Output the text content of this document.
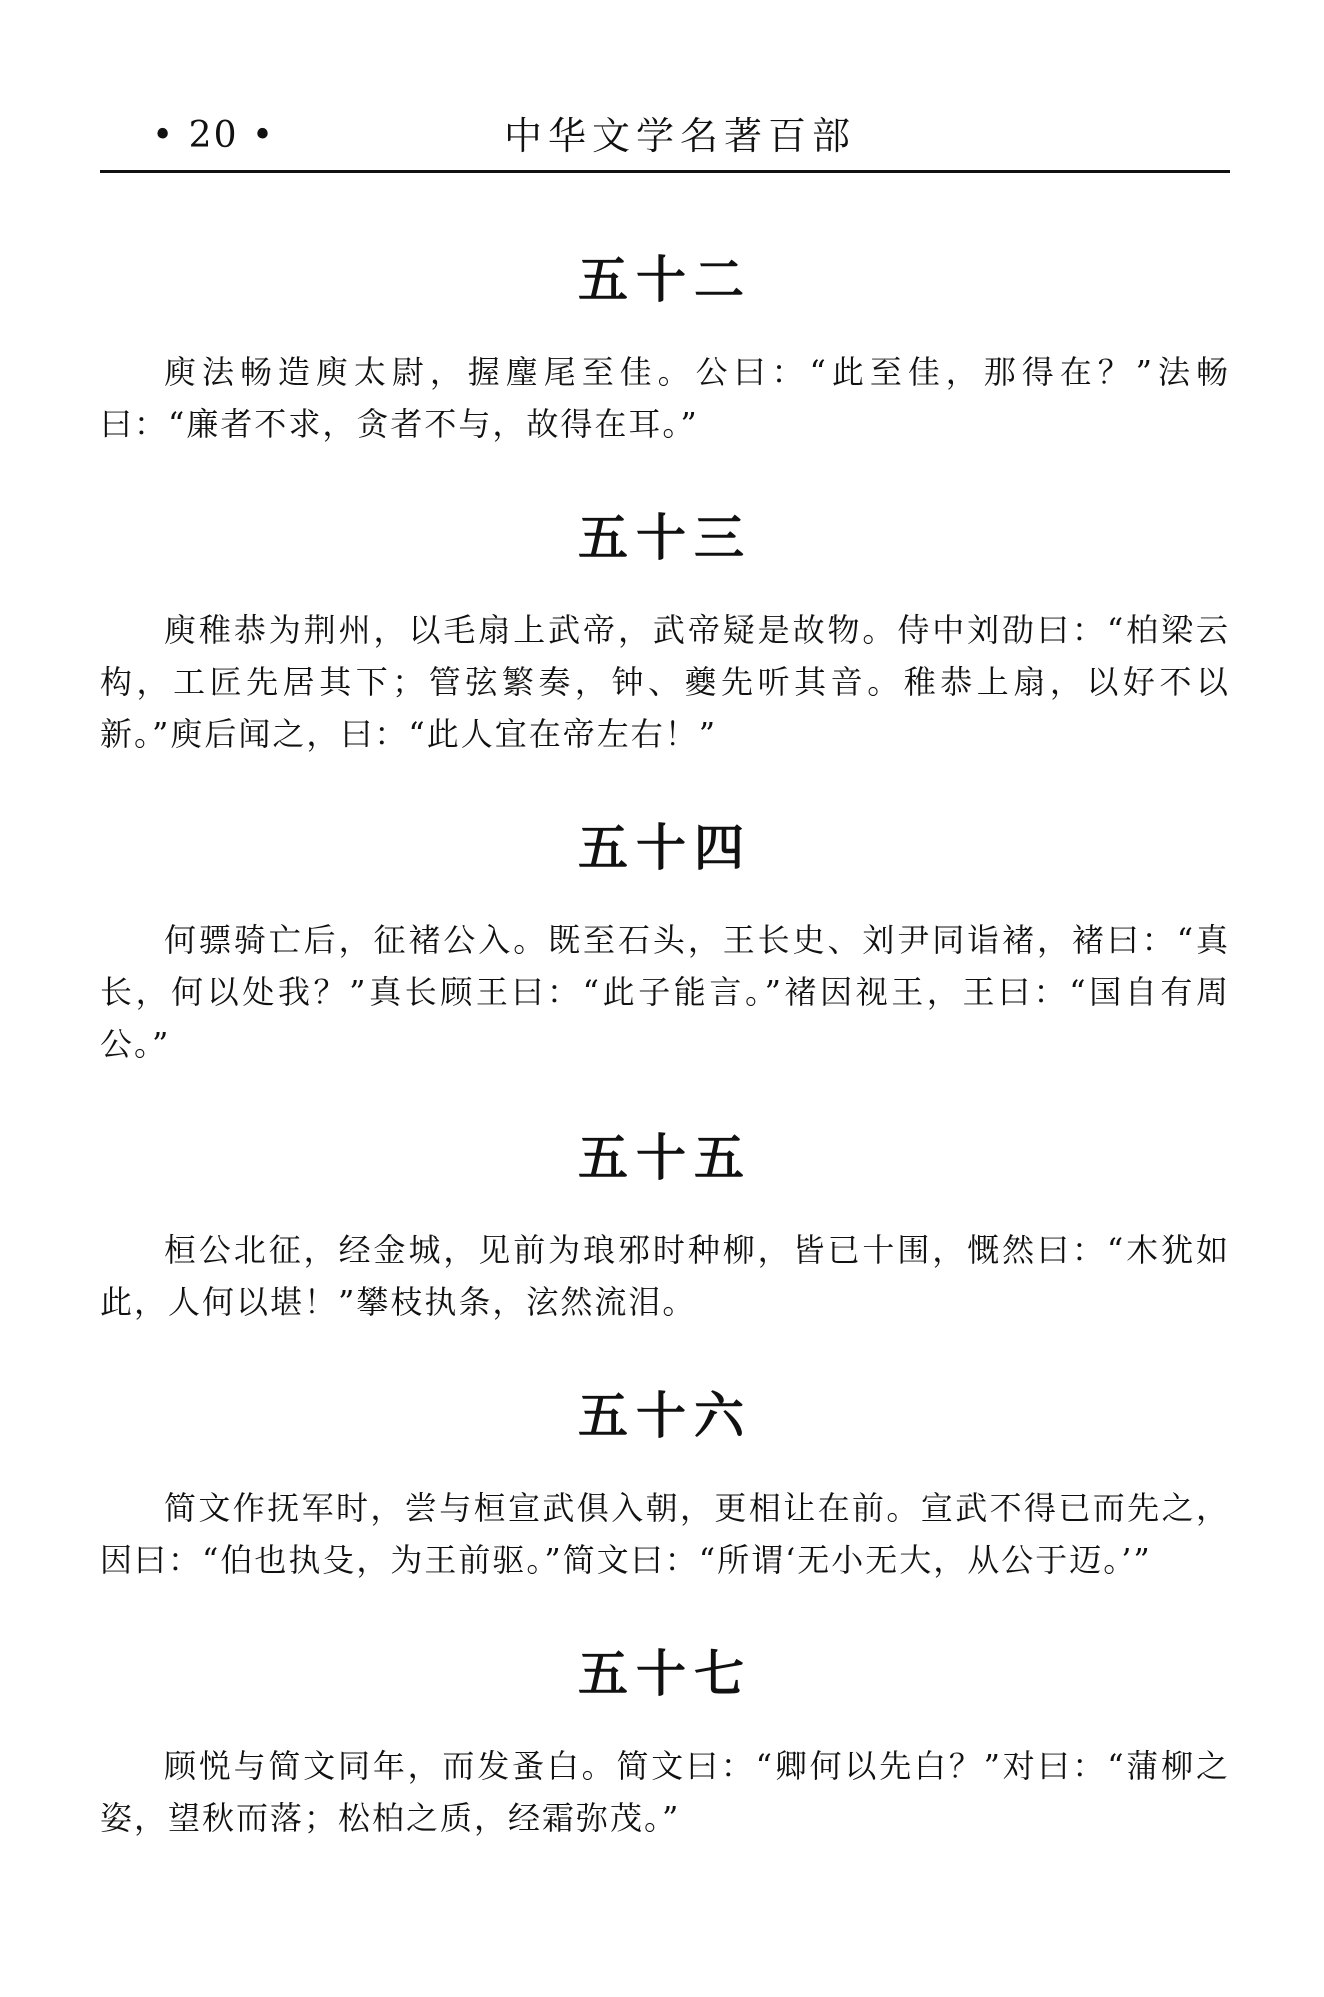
• 20 •	中华文学名著百部
五十二

庾法畅造庾太尉，握麈尾至佳。公曰：“此至佳，那得在？”法畅曰：“廉者不求，贪者不与，故得在耳。”

五十三

庾稚恭为荆州，以毛扇上武帝，武帝疑是故物。侍中刘劭曰：“柏梁云构，工匠先居其下；管弦繁奏，钟、夔先听其音。稚恭上扇，以好不以新。”庾后闻之，曰：“此人宜在帝左右！”

五十四

何骠骑亡后，征褚公入。既至石头，王长史、刘尹同诣褚，褚曰：“真长，何以处我？”真长顾王曰：“此子能言。”褚因视王，王曰：“国自有周公。”

五十五

桓公北征，经金城，见前为琅邪时种柳，皆已十围，慨然曰：“木犹如此，人何以堪！”攀枝执条，泫然流泪。

五十六

简文作抚军时，尝与桓宣武俱入朝，更相让在前。宣武不得已而先之，因曰：“伯也执殳，为王前驱。”简文曰：“所谓‘无小无大，从公于迈。’”

五十七

顾悦与简文同年，而发蚤白。简文曰：“卿何以先白？”对曰：“蒲柳之姿，望秋而落；松柏之质，经霜弥茂。”
